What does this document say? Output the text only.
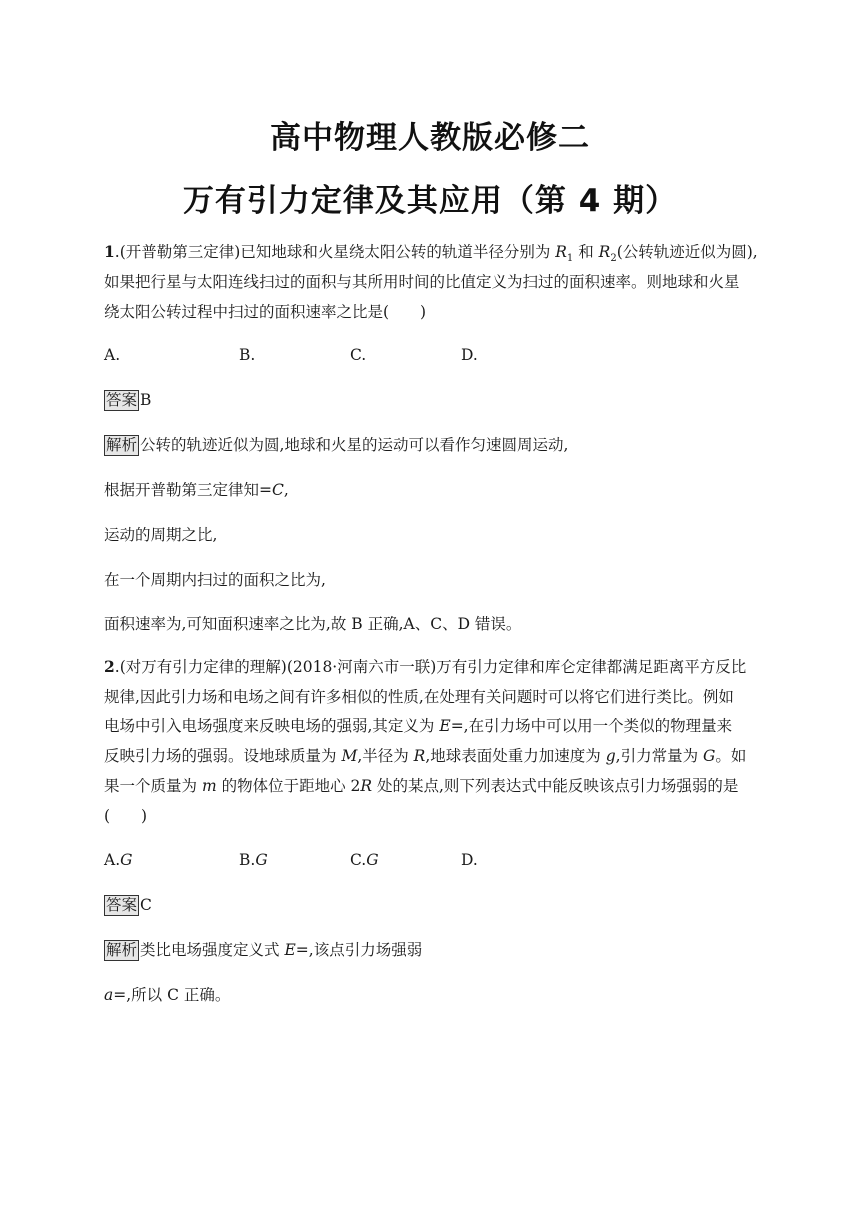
高中物理人教版必修二
万有引力定律及其应用（第 4 期）
1.(开普勒第三定律)已知地球和火星绕太阳公转的轨道半径分别为 $R_1$ 和 $R_2$(公转轨迹近似为圆),
如果把行星与太阳连线扫过的面积与其所用时间的比值定义为扫过的面积速率。则地球和火星
绕太阳公转过程中扫过的面积速率之比是(　　)
A.	B.	C.	D.
答案 B
解析 公转的轨迹近似为圆,地球和火星的运动可以看作匀速圆周运动,
根据开普勒第三定律知=C,
运动的周期之比,
在一个周期内扫过的面积之比为,
面积速率为,可知面积速率之比为,故 B 正确,A、C、D 错误。
2.(对万有引力定律的理解)(2018·河南六市一联)万有引力定律和库仑定律都满足距离平方反比
规律,因此引力场和电场之间有许多相似的性质,在处理有关问题时可以将它们进行类比。例如
电场中引入电场强度来反映电场的强弱,其定义为 E=,在引力场中可以用一个类似的物理量来
反映引力场的强弱。设地球质量为 M,半径为 R,地球表面处重力加速度为 g,引力常量为 G。如
果一个质量为 m 的物体位于距地心 2R 处的某点,则下列表达式中能反映该点引力场强弱的是
(　　)
A.G	B.G	C.G	D.
答案 C
解析 类比电场强度定义式 E=,该点引力场强弱
a=,所以 C 正确。
